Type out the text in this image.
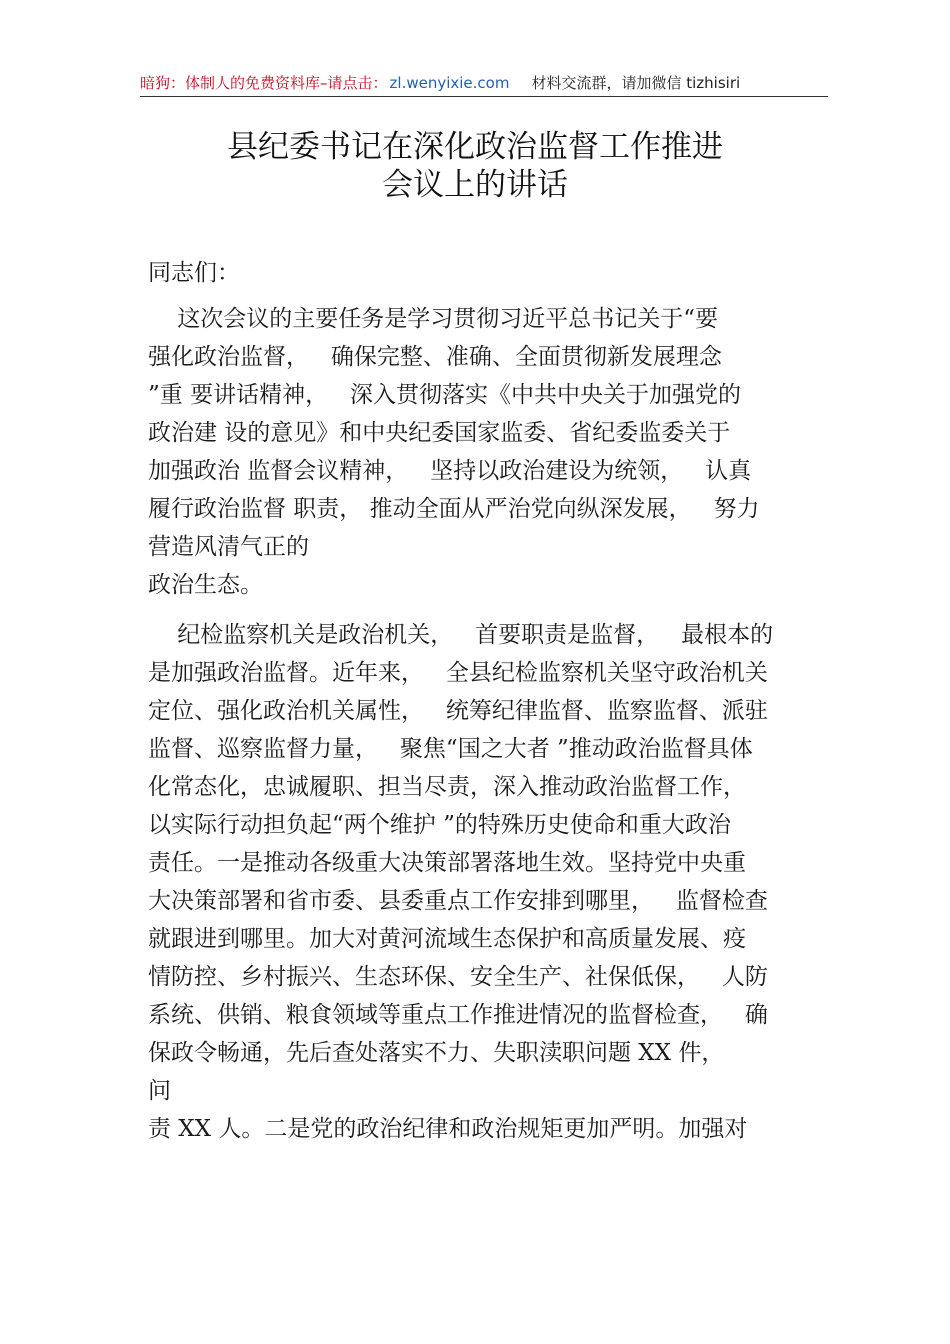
暗狗：体制人的免费资料库–请点击： zl.wenyixie.com 材料交流群，请加微信 tizhisiri
县纪委书记在深化政治监督工作推进
会议上的讲话
同志们：
这次会议的主要任务是学习贯彻习近平总书记关于“要
强化政治监督，   确保完整、准确、全面贯彻新发展理念
”重 要讲话精神，   深入贯彻落实《中共中央关于加强党的
政治建 设的意见》和中央纪委国家监委、省纪委监委关于
加强政治 监督会议精神，   坚持以政治建设为统领，   认真
履行政治监督 职责， 推动全面从严治党向纵深发展，   努力
营造风清气正的
政治生态。
纪检监察机关是政治机关，   首要职责是监督，   最根本的
是加强政治监督。近年来，   全县纪检监察机关坚守政治机关
定位、强化政治机关属性，   统筹纪律监督、监察监督、派驻
监督、巡察监督力量，   聚焦“国之大者 ”推动政治监督具体
化常态化，忠诚履职、担当尽责，深入推动政治监督工作，
以实际行动担负起“两个维护 ”的特殊历史使命和重大政治
责任。一是推动各级重大决策部署落地生效。坚持党中央重
大决策部署和省市委、县委重点工作安排到哪里，   监督检查
就跟进到哪里。加大对黄河流域生态保护和高质量发展、疫
情防控、乡村振兴、生态环保、安全生产、社保低保，   人防
系统、供销、粮食领域等重点工作推进情况的监督检查，   确
保政令畅通，先后查处落实不力、失职渎职问题 XX 件，
问
责 XX 人。二是党的政治纪律和政治规矩更加严明。加强对
